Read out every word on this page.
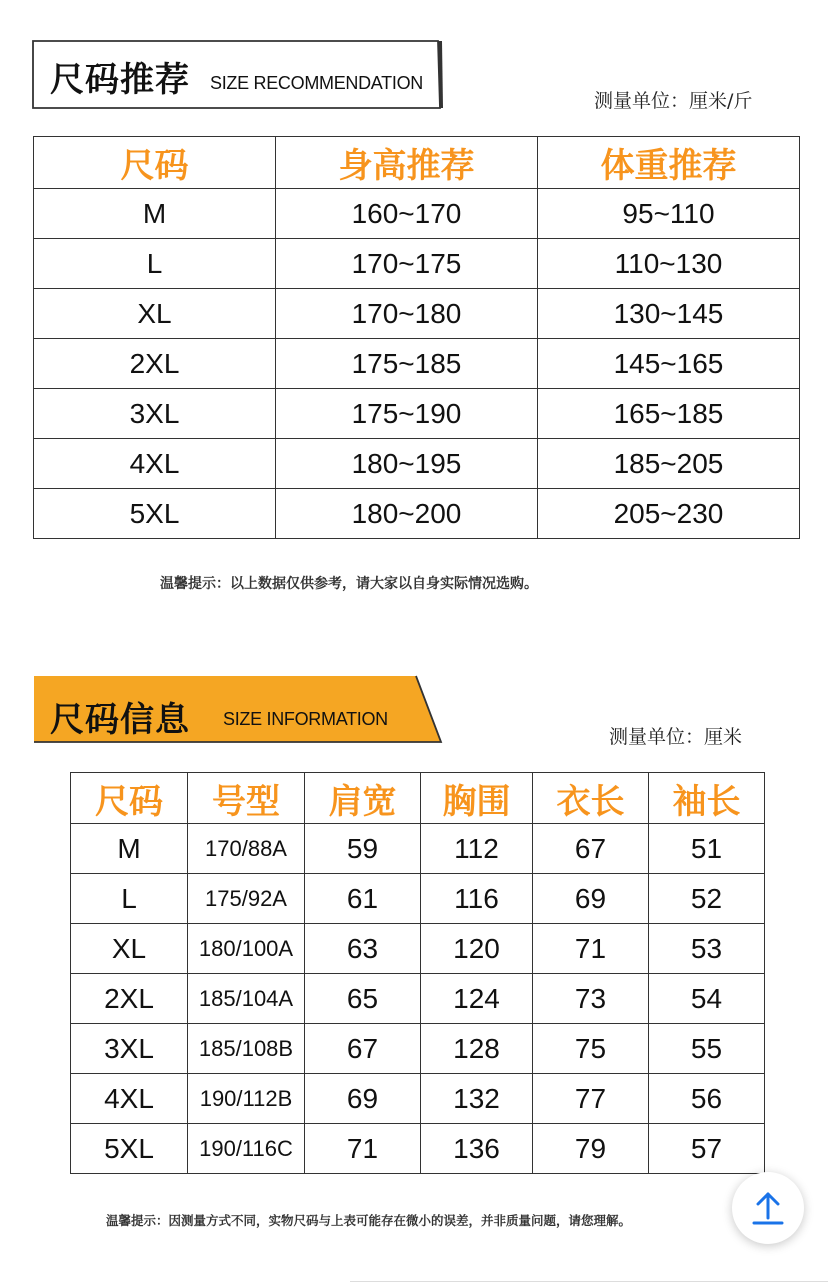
尺码推荐 SIZE RECOMMENDATION
测量单位：厘米/斤
尺码	身高推荐	体重推荐
M	160~170	95~110
L	170~175	110~130
XL	170~180	130~145
2XL	175~185	145~165
3XL	175~190	165~185
4XL	180~195	185~205
5XL	180~200	205~230
温馨提示：以上数据仅供参考，请大家以自身实际情况选购。
尺码信息 SIZE INFORMATION
测量单位：厘米
尺码	号型	肩宽	胸围	衣长	袖长
M	170/88A	59	112	67	51
L	175/92A	61	116	69	52
XL	180/100A	63	120	71	53
2XL	185/104A	65	124	73	54
3XL	185/108B	67	128	75	55
4XL	190/112B	69	132	77	56
5XL	190/116C	71	136	79	57
温馨提示：因测量方式不同，实物尺码与上表可能存在微小的误差，并非质量问题，请您理解。
